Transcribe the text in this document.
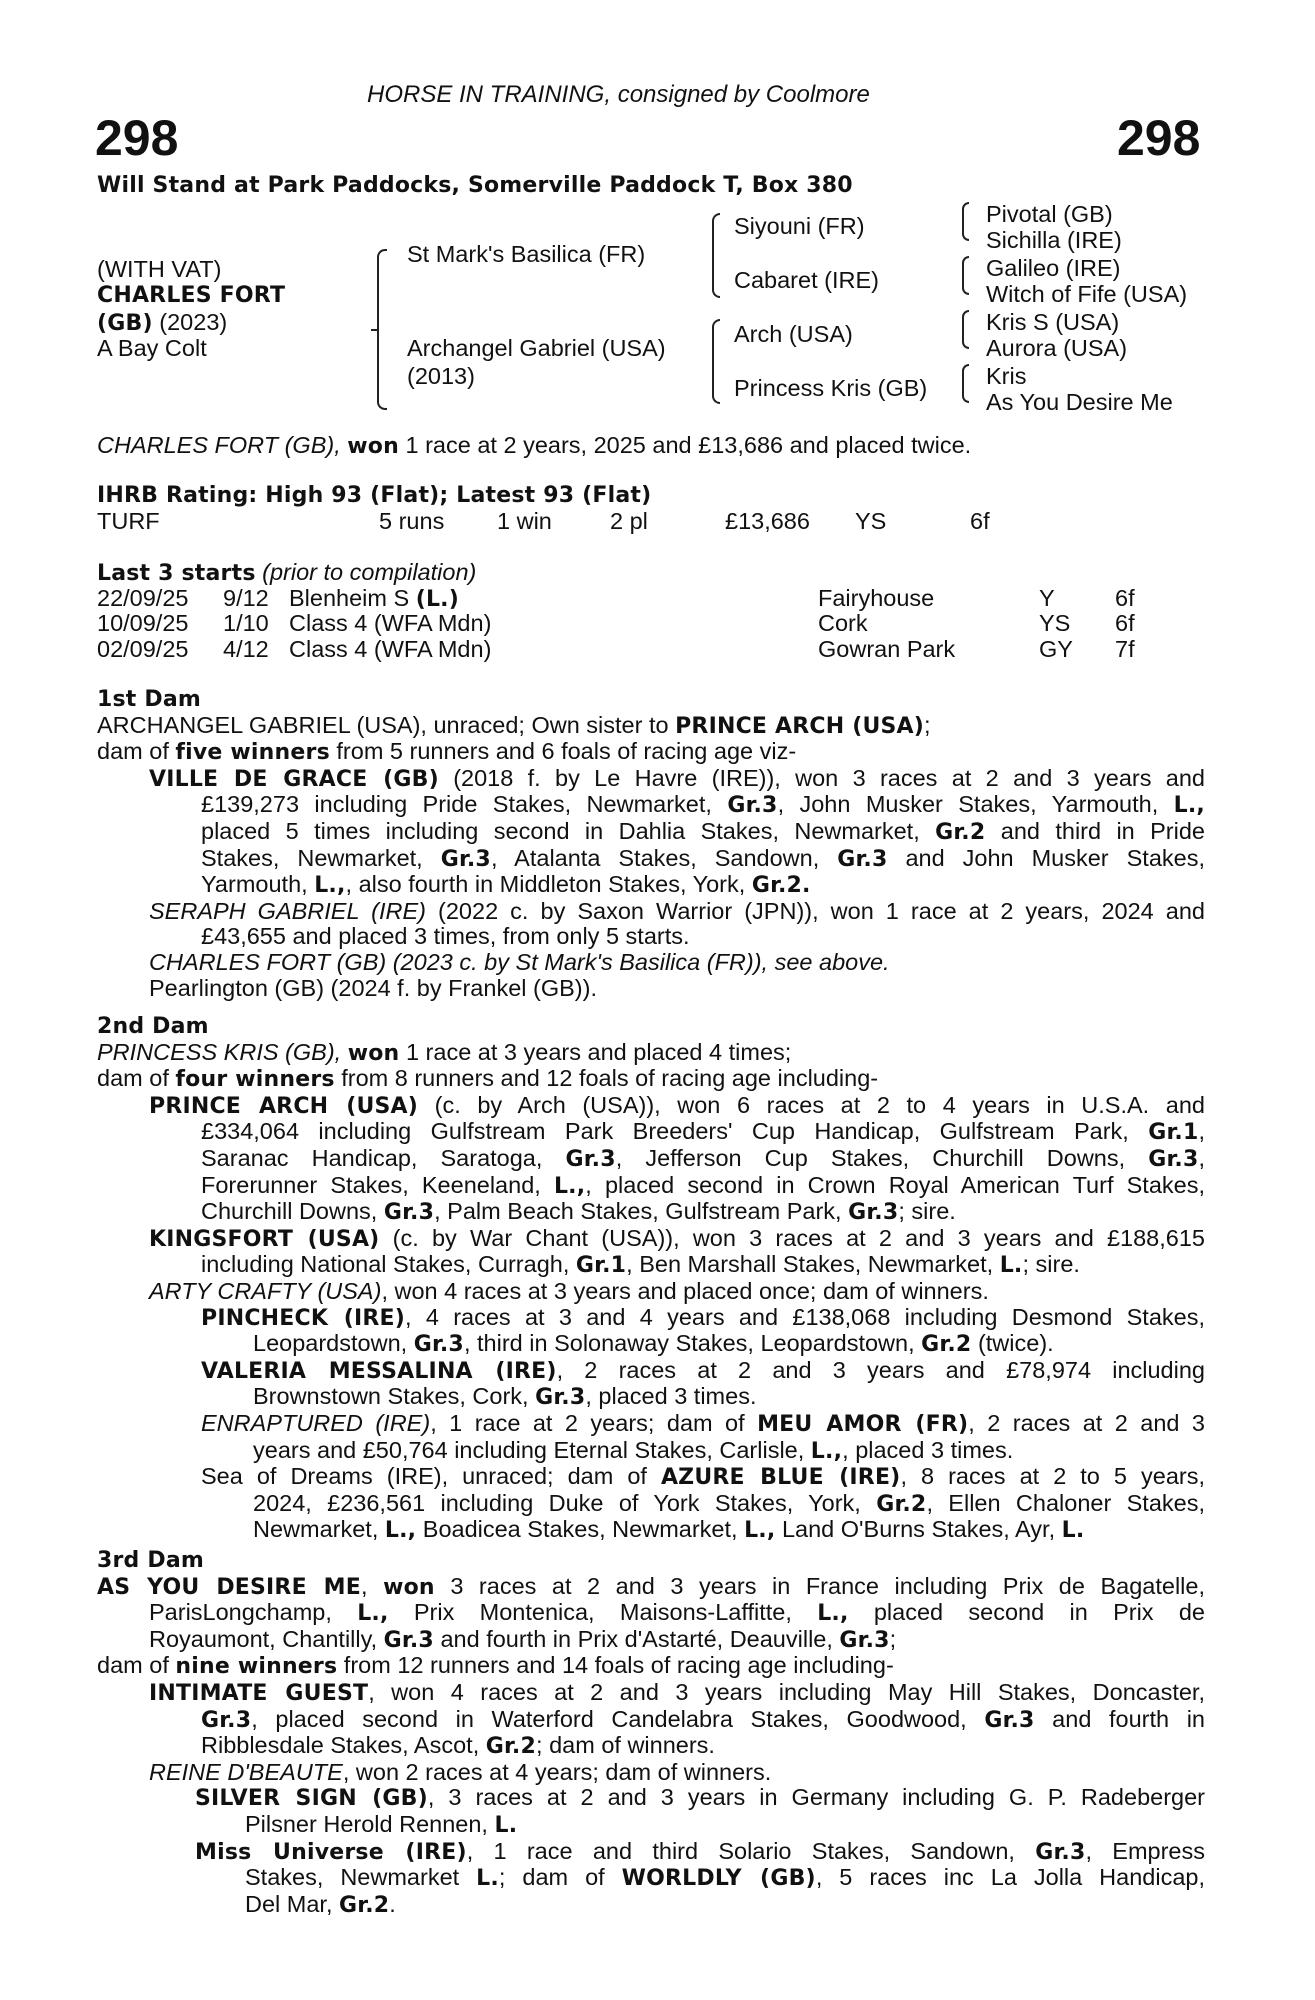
HORSE IN TRAINING, consigned by Coolmore
298	298
Will Stand at Park Paddocks, Somerville Paddock T, Box 380
(WITH VAT)
CHARLES FORT
(GB) (2023)
A Bay Colt
St Mark's Basilica (FR)
Archangel Gabriel (USA)
(2013)
Siyouni (FR)
Cabaret (IRE)
Arch (USA)
Princess Kris (GB)
Pivotal (GB)
Sichilla (IRE)
Galileo (IRE)
Witch of Fife (USA)
Kris S (USA)
Aurora (USA)
Kris
As You Desire Me
CHARLES FORT (GB), won 1 race at 2 years, 2025 and £13,686 and placed twice.
IHRB Rating: High 93 (Flat); Latest 93 (Flat)
TURF	5 runs 1 win 2 pl	£13,686 YS	6f
Last 3 starts (prior to compilation)
22/09/25 9/12 Blenheim S (L.)	Fairyhouse	Y	6f
10/09/25 1/10 Class 4 (WFA Mdn)	Cork	YS 6f
02/09/25 4/12 Class 4 (WFA Mdn)	Gowran Park	GY 7f

1st Dam

ARCHANGEL GABRIEL (USA), unraced; Own sister to PRINCE ARCH (USA);

dam of five winners from 5 runners and 6 foals of racing age viz-

VILLE DE GRACE (GB) (2018 f. by Le Havre (IRE)), won 3 races at 2 and 3 years and

£139,273 including Pride Stakes, Newmarket, Gr.3, John Musker Stakes, Yarmouth, L.,

placed 5 times including second in Dahlia Stakes, Newmarket, Gr.2 and third in Pride

Stakes, Newmarket, Gr.3, Atalanta Stakes, Sandown, Gr.3 and John Musker Stakes,

Yarmouth, L.,, also fourth in Middleton Stakes, York, Gr.2.

SERAPH GABRIEL (IRE) (2022 c. by Saxon Warrior (JPN)), won 1 race at 2 years, 2024 and

£43,655 and placed 3 times, from only 5 starts.

CHARLES FORT (GB) (2023 c. by St Mark's Basilica (FR)), see above.

Pearlington (GB) (2024 f. by Frankel (GB)).

2nd Dam

PRINCESS KRIS (GB), won 1 race at 3 years and placed 4 times;

dam of four winners from 8 runners and 12 foals of racing age including-

PRINCE ARCH (USA) (c. by Arch (USA)), won 6 races at 2 to 4 years in U.S.A. and

£334,064 including Gulfstream Park Breeders' Cup Handicap, Gulfstream Park, Gr.1,

Saranac Handicap, Saratoga, Gr.3, Jefferson Cup Stakes, Churchill Downs, Gr.3,

Forerunner Stakes, Keeneland, L.,, placed second in Crown Royal American Turf Stakes,

Churchill Downs, Gr.3, Palm Beach Stakes, Gulfstream Park, Gr.3; sire.

KINGSFORT (USA) (c. by War Chant (USA)), won 3 races at 2 and 3 years and £188,615

including National Stakes, Curragh, Gr.1, Ben Marshall Stakes, Newmarket, L.; sire.

ARTY CRAFTY (USA), won 4 races at 3 years and placed once; dam of winners.

PINCHECK (IRE), 4 races at 3 and 4 years and £138,068 including Desmond Stakes,

Leopardstown, Gr.3, third in Solonaway Stakes, Leopardstown, Gr.2 (twice).

VALERIA MESSALINA (IRE), 2 races at 2 and 3 years and £78,974 including

Brownstown Stakes, Cork, Gr.3, placed 3 times.

ENRAPTURED (IRE), 1 race at 2 years; dam of MEU AMOR (FR), 2 races at 2 and 3

years and £50,764 including Eternal Stakes, Carlisle, L.,, placed 3 times.

Sea of Dreams (IRE), unraced; dam of AZURE BLUE (IRE), 8 races at 2 to 5 years,

2024, £236,561 including Duke of York Stakes, York, Gr.2, Ellen Chaloner Stakes,

Newmarket, L., Boadicea Stakes, Newmarket, L., Land O'Burns Stakes, Ayr, L.

3rd Dam

AS YOU DESIRE ME, won 3 races at 2 and 3 years in France including Prix de Bagatelle,

ParisLongchamp, L., Prix Montenica, Maisons-Laffitte, L., placed second in Prix de

Royaumont, Chantilly, Gr.3 and fourth in Prix d'Astarté, Deauville, Gr.3;

dam of nine winners from 12 runners and 14 foals of racing age including-

INTIMATE GUEST, won 4 races at 2 and 3 years including May Hill Stakes, Doncaster,

Gr.3, placed second in Waterford Candelabra Stakes, Goodwood, Gr.3 and fourth in

Ribblesdale Stakes, Ascot, Gr.2; dam of winners.

REINE D'BEAUTE, won 2 races at 4 years; dam of winners.

SILVER SIGN (GB), 3 races at 2 and 3 years in Germany including G. P. Radeberger

Pilsner Herold Rennen, L.

Miss Universe (IRE), 1 race and third Solario Stakes, Sandown, Gr.3, Empress

Stakes, Newmarket L.; dam of WORLDLY (GB), 5 races inc La Jolla Handicap,

Del Mar, Gr.2.
